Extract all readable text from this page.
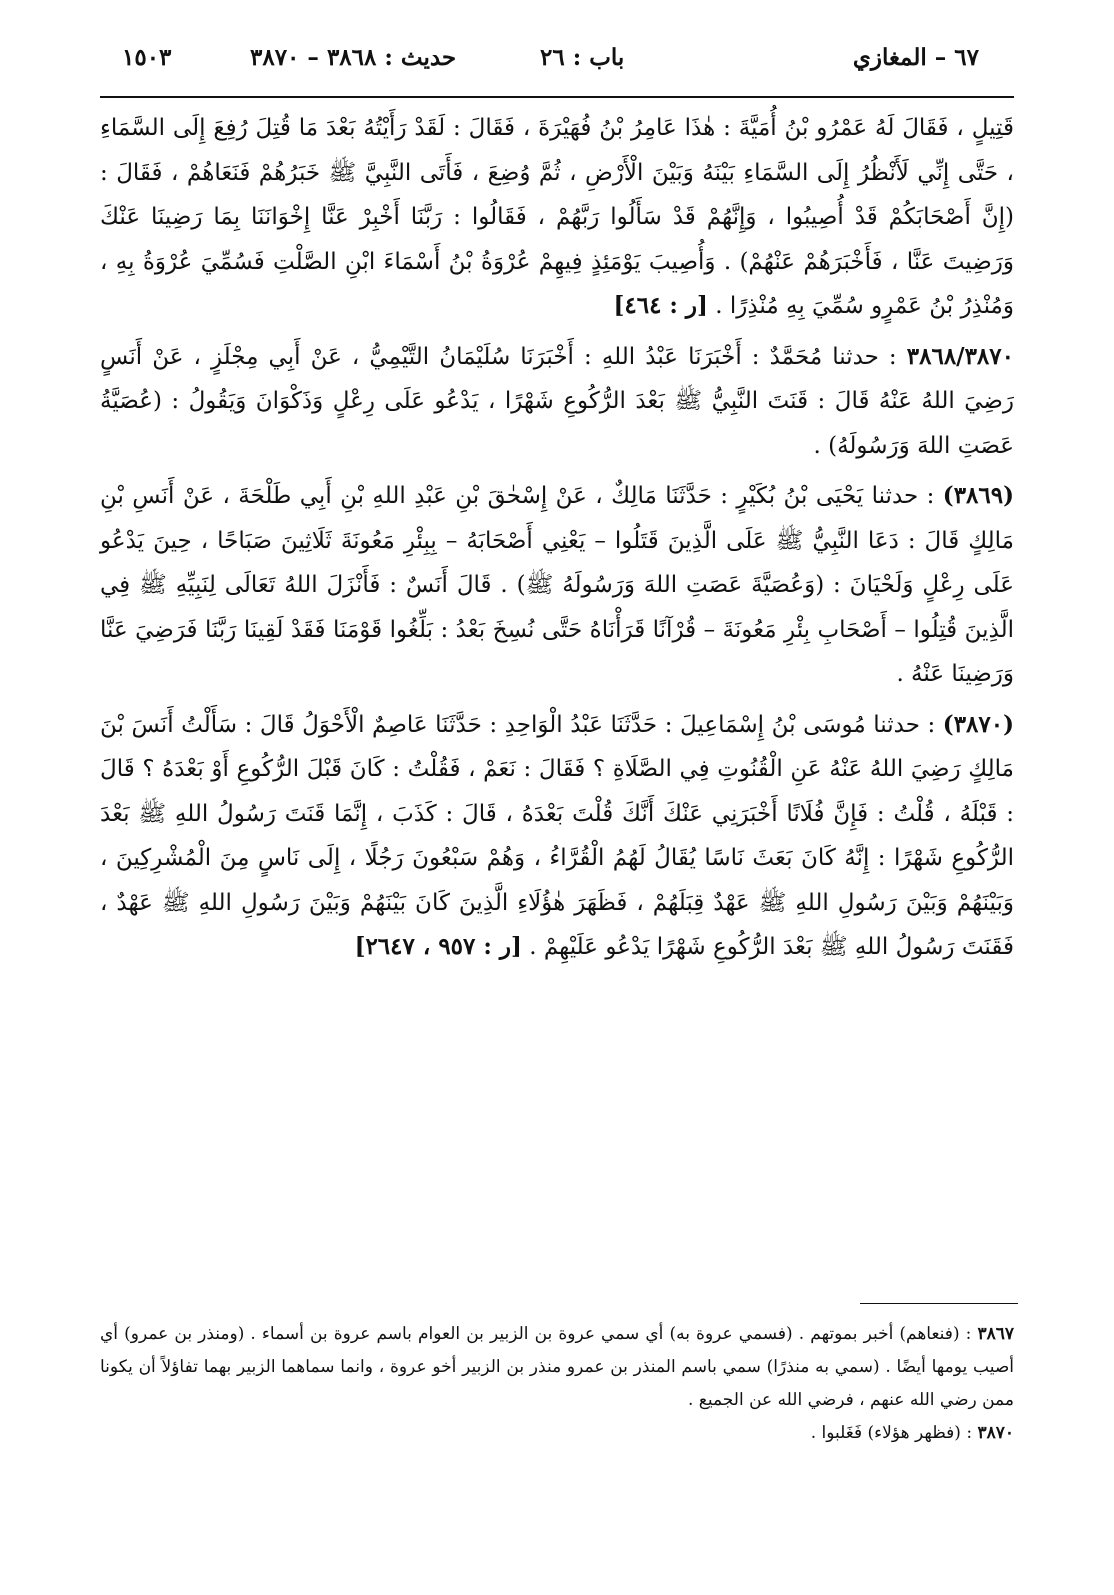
٦٧ – المغازي
باب : ٢٦
حديث : ٣٨٦٨ – ٣٨٧٠
١٥٠٣

قَتِيلٍ ، فَقَالَ لَهُ عَمْرُو بْنُ أُمَيَّةَ : هٰذَا عَامِرُ بْنُ فُهَيْرَةَ ، فَقَالَ : لَقَدْ رَأَيْتُهُ بَعْدَ مَا قُتِلَ رُفِعَ إِلَى السَّمَاءِ ، حَتَّى إِنِّي لَأَنْظُرُ إِلَى السَّمَاءِ بَيْنَهُ وَبَيْنَ الْأَرْضِ ، ثُمَّ وُضِعَ ، فَأَتَى النَّبِيَّ ﷺ خَبَرُهُمْ فَنَعَاهُمْ ، فَقَالَ : (إِنَّ أَصْحَابَكُمْ قَدْ أُصِيبُوا ، وَإِنَّهُمْ قَدْ سَأَلُوا رَبَّهُمْ ، فَقَالُوا : رَبَّنَا أَخْبِرْ عَنَّا إِخْوَانَنَا بِمَا رَضِينَا عَنْكَ وَرَضِيتَ عَنَّا ، فَأَخْبَرَهُمْ عَنْهُمْ) . وَأُصِيبَ يَوْمَئِذٍ فِيهِمْ عُرْوَةُ بْنُ أَسْمَاءَ ابْنِ الصَّلْتِ فَسُمِّيَ عُرْوَةُ بِهِ ، وَمُنْذِرُ بْنُ عَمْرٍو سُمِّيَ بِهِ مُنْذِرًا . [ر : ٤٦٤]

٣٨٦٨/٣٨٧٠ : حدثنا مُحَمَّدٌ : أَخْبَرَنَا عَبْدُ اللهِ : أَخْبَرَنَا سُلَيْمَانُ التَّيْمِيُّ ، عَنْ أَبِي مِجْلَزٍ ، عَنْ أَنَسٍ رَضِيَ اللهُ عَنْهُ قَالَ : قَنَتَ النَّبِيُّ ﷺ بَعْدَ الرُّكُوعِ شَهْرًا ، يَدْعُو عَلَى رِعْلٍ وَذَكْوَانَ وَيَقُولُ : (عُصَيَّةُ عَصَتِ اللهَ وَرَسُولَهُ) .

(٣٨٦٩) : حدثنا يَحْيَى بْنُ بُكَيْرٍ : حَدَّثَنَا مَالِكٌ ، عَنْ إِسْحٰقَ بْنِ عَبْدِ اللهِ بْنِ أَبِي طَلْحَةَ ، عَنْ أَنَسِ بْنِ مَالِكٍ قَالَ : دَعَا النَّبِيُّ ﷺ عَلَى الَّذِينَ قَتَلُوا – يَعْنِي أَصْحَابَهُ – بِبِئْرِ مَعُونَةَ ثَلَاثِينَ صَبَاحًا ، حِينَ يَدْعُو عَلَى رِعْلٍ وَلَحْيَانَ : (وَعُصَيَّةَ عَصَتِ اللهَ وَرَسُولَهُ ﷺ) . قَالَ أَنَسٌ : فَأَنْزَلَ اللهُ تَعَالَى لِنَبِيِّهِ ﷺ فِي الَّذِينَ قُتِلُوا – أَصْحَابِ بِئْرِ مَعُونَةَ – قُرْآنًا قَرَأْنَاهُ حَتَّى نُسِخَ بَعْدُ : بَلِّغُوا قَوْمَنَا فَقَدْ لَقِينَا رَبَّنَا فَرَضِيَ عَنَّا وَرَضِينَا عَنْهُ .

(٣٨٧٠) : حدثنا مُوسَى بْنُ إِسْمَاعِيلَ : حَدَّثَنَا عَبْدُ الْوَاحِدِ : حَدَّثَنَا عَاصِمٌ الْأَحْوَلُ قَالَ : سَأَلْتُ أَنَسَ بْنَ مَالِكٍ رَضِيَ اللهُ عَنْهُ عَنِ الْقُنُوتِ فِي الصَّلَاةِ ؟ فَقَالَ : نَعَمْ ، فَقُلْتُ : كَانَ قَبْلَ الرُّكُوعِ أَوْ بَعْدَهُ ؟ قَالَ : قَبْلَهُ ، قُلْتُ : فَإِنَّ فُلَانًا أَخْبَرَنِي عَنْكَ أَنَّكَ قُلْتَ بَعْدَهُ ، قَالَ : كَذَبَ ، إِنَّمَا قَنَتَ رَسُولُ اللهِ ﷺ بَعْدَ الرُّكُوعِ شَهْرًا : إِنَّهُ كَانَ بَعَثَ نَاسًا يُقَالُ لَهُمُ الْقُرَّاءُ ، وَهُمْ سَبْعُونَ رَجُلًا ، إِلَى نَاسٍ مِنَ الْمُشْرِكِينَ ، وَبَيْنَهُمْ وَبَيْنَ رَسُولِ اللهِ ﷺ عَهْدٌ قِبَلَهُمْ ، فَظَهَرَ هٰؤُلَاءِ الَّذِينَ كَانَ بَيْنَهُمْ وَبَيْنَ رَسُولِ اللهِ ﷺ عَهْدٌ ، فَقَنَتَ رَسُولُ اللهِ ﷺ بَعْدَ الرُّكُوعِ شَهْرًا يَدْعُو عَلَيْهِمْ . [ر : ٩٥٧ ، ٢٦٤٧]

٣٨٦٧ : (فنعاهم) أخبر بموتهم . (فسمي عروة به) أي سمي عروة بن الزبير بن العوام باسم عروة بن أسماء . (ومنذر بن عمرو) أي أصيب يومها أيضًا . (سمي به منذرًا) سمي باسم المنذر بن عمرو منذر بن الزبير أخو عروة ، وانما سماهما الزبير بهما تفاؤلاً أن يكونا ممن رضي الله عنهم ، فرضي الله عن الجميع .

٣٨٧٠ : (فظهر هؤلاء) فَغَلبوا .
